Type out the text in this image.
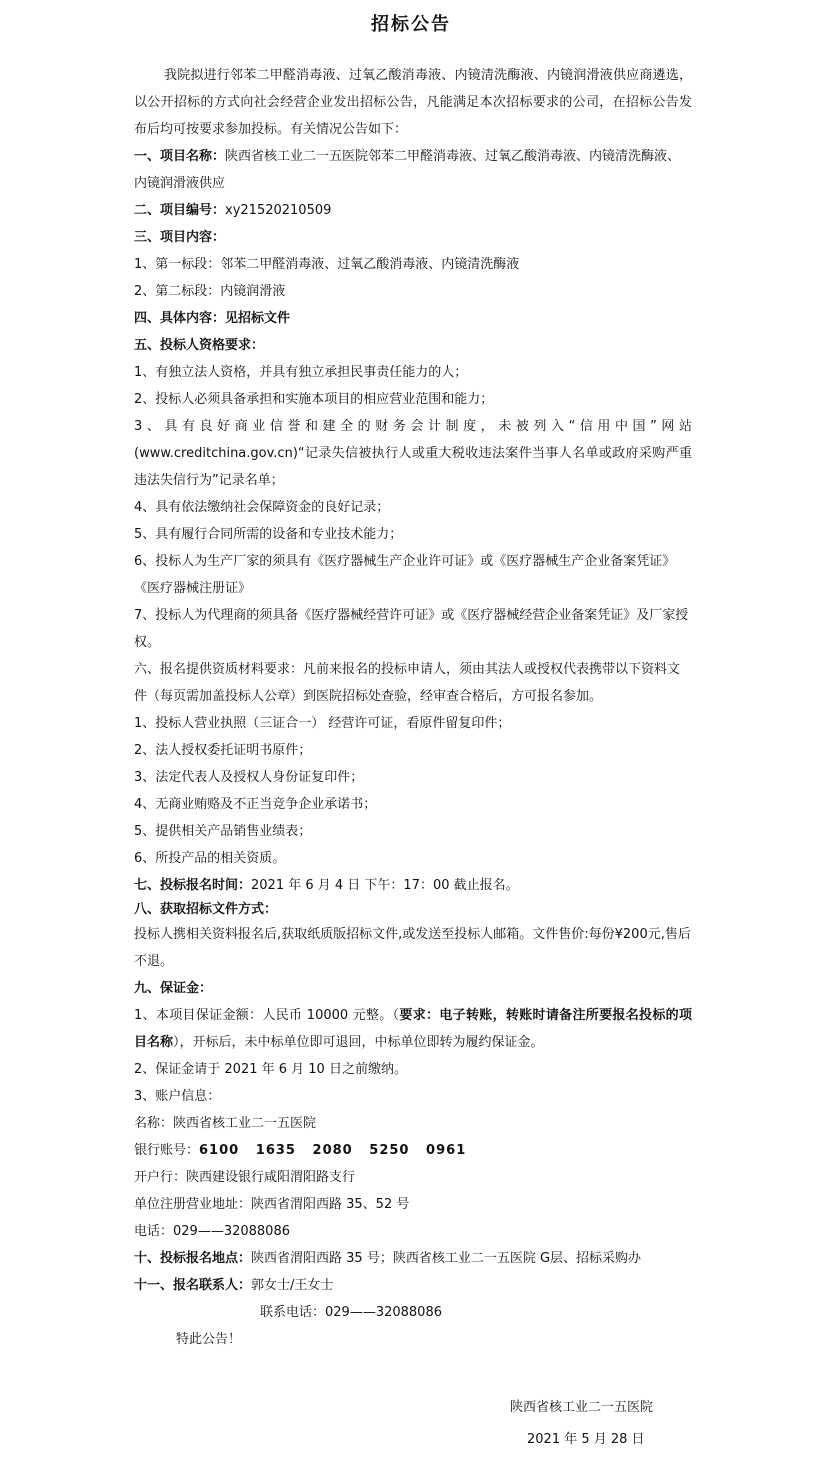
招标公告

我院拟进行邻苯二甲醛消毒液、过氧乙酸消毒液、内镜清洗酶液、内镜润滑液供应商遴选，以公开招标的方式向社会经营企业发出招标公告，凡能满足本次招标要求的公司，在招标公告发布后均可按要求参加投标。有关情况公告如下：

一、项目名称：陕西省核工业二一五医院邻苯二甲醛消毒液、过氧乙酸消毒液、内镜清洗酶液、内镜润滑液供应

二、项目编号：xy21520210509

三、项目内容：

1、第一标段：邻苯二甲醛消毒液、过氧乙酸消毒液、内镜清洗酶液

2、第二标段：内镜润滑液

四、具体内容：见招标文件

五、投标人资格要求：

1、有独立法人资格，并具有独立承担民事责任能力的人；

2、投标人必须具备承担和实施本项目的相应营业范围和能力；

3、具有良好商业信誉和建全的财务会计制度，未被列入“信用中国”网站(www.creditchina.gov.cn)“记录失信被执行人或重大税收违法案件当事人名单或政府采购严重违法失信行为”记录名单；

4、具有依法缴纳社会保障资金的良好记录；

5、具有履行合同所需的设备和专业技术能力；

6、投标人为生产厂家的须具有《医疗器械生产企业许可证》或《医疗器械生产企业备案凭证》《医疗器械注册证》

7、投标人为代理商的须具备《医疗器械经营许可证》或《医疗器械经营企业备案凭证》及厂家授权。

六、报名提供资质材料要求：凡前来报名的投标申请人，须由其法人或授权代表携带以下资料文件（每页需加盖投标人公章）到医院招标处查验，经审查合格后，方可报名参加。

1、投标人营业执照（三证合一） 经营许可证，看原件留复印件；

2、法人授权委托证明书原件；

3、法定代表人及授权人身份证复印件；

4、无商业贿赂及不正当竞争企业承诺书；

5、提供相关产品销售业绩表；

6、所投产品的相关资质。

七、投标报名时间：2021 年 6 月 4 日 下午：17：00 截止报名。

八、获取招标文件方式：

投标人携相关资料报名后,获取纸质版招标文件,或发送至投标人邮箱。文件售价:每份¥200元,售后不退。

九、保证金：

1、本项目保证金额：人民币 10000 元整。（要求：电子转账，转账时请备注所要报名投标的项目名称），开标后，未中标单位即可退回，中标单位即转为履约保证金。

2、保证金请于 2021 年 6 月 10 日之前缴纳。

3、账户信息：

名称：陕西省核工业二一五医院

银行账号：6100   1635   2080   5250   0961

开户行：陕西建设银行咸阳渭阳路支行

单位注册营业地址：陕西省渭阳西路 35、52 号

电话：029——32088086

十、投标报名地点：陕西省渭阳西路 35 号；陕西省核工业二一五医院 G层、招标采购办

十一、报名联系人：郭女士/王女士

联系电话：029——32088086

特此公告！

陕西省核工业二一五医院
2021 年 5 月 28 日
